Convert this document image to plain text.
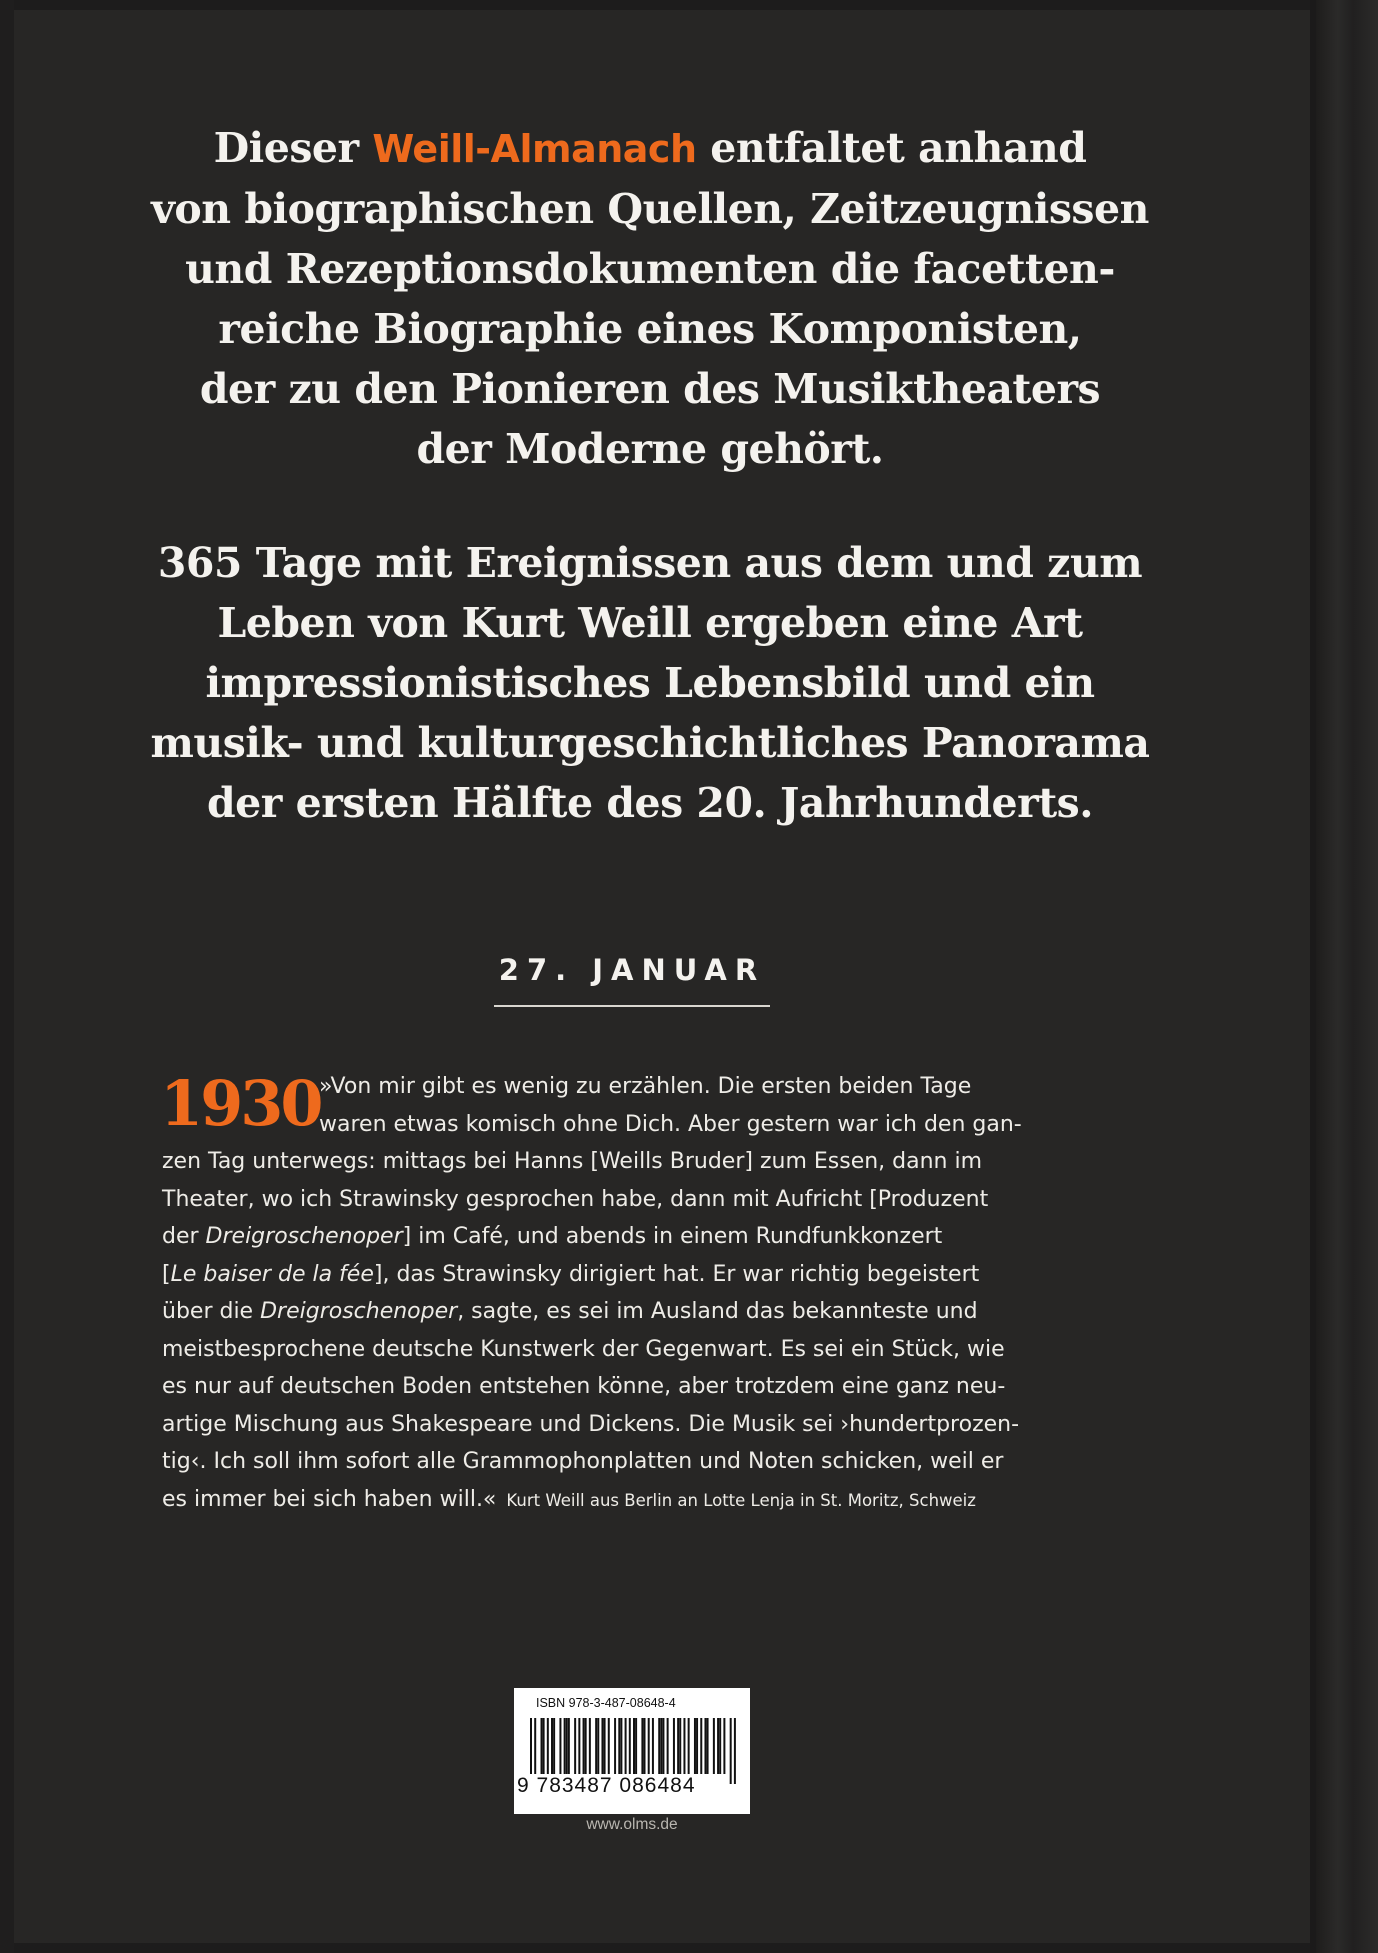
Dieser Weill-Almanach entfaltet anhand
von biographischen Quellen, Zeitzeugnissen
und Rezeptionsdokumenten die facetten-
reiche Biographie eines Komponisten,
der zu den Pionieren des Musiktheaters
der Moderne gehört.

365 Tage mit Ereignissen aus dem und zum
Leben von Kurt Weill ergeben eine Art
impressionistisches Lebensbild und ein
musik- und kulturgeschichtliches Panorama
der ersten Hälfte des 20. Jahrhunderts.

27. JANUAR
1930
»Von mir gibt es wenig zu erzählen. Die ersten beiden Tage
waren etwas komisch ohne Dich. Aber gestern war ich den gan-
zen Tag unterwegs: mittags bei Hanns [Weills Bruder] zum Essen, dann im
Theater, wo ich Strawinsky gesprochen habe, dann mit Aufricht [Produzent
der Dreigroschenoper] im Café, und abends in einem Rundfunkkonzert
[Le baiser de la fée], das Strawinsky dirigiert hat. Er war richtig begeistert
über die Dreigroschenoper, sagte, es sei im Ausland das bekannteste und
meistbesprochene deutsche Kunstwerk der Gegenwart. Es sei ein Stück, wie
es nur auf deutschen Boden entstehen könne, aber trotzdem eine ganz neu-
artige Mischung aus Shakespeare und Dickens. Die Musik sei ›hundertprozen-
tig‹. Ich soll ihm sofort alle Grammophonplatten und Noten schicken, weil er
es immer bei sich haben will.« Kurt Weill aus Berlin an Lotte Lenja in St. Moritz, Schweiz
ISBN 978-3-487-08648-4
9 783487 086484
www.olms.de
